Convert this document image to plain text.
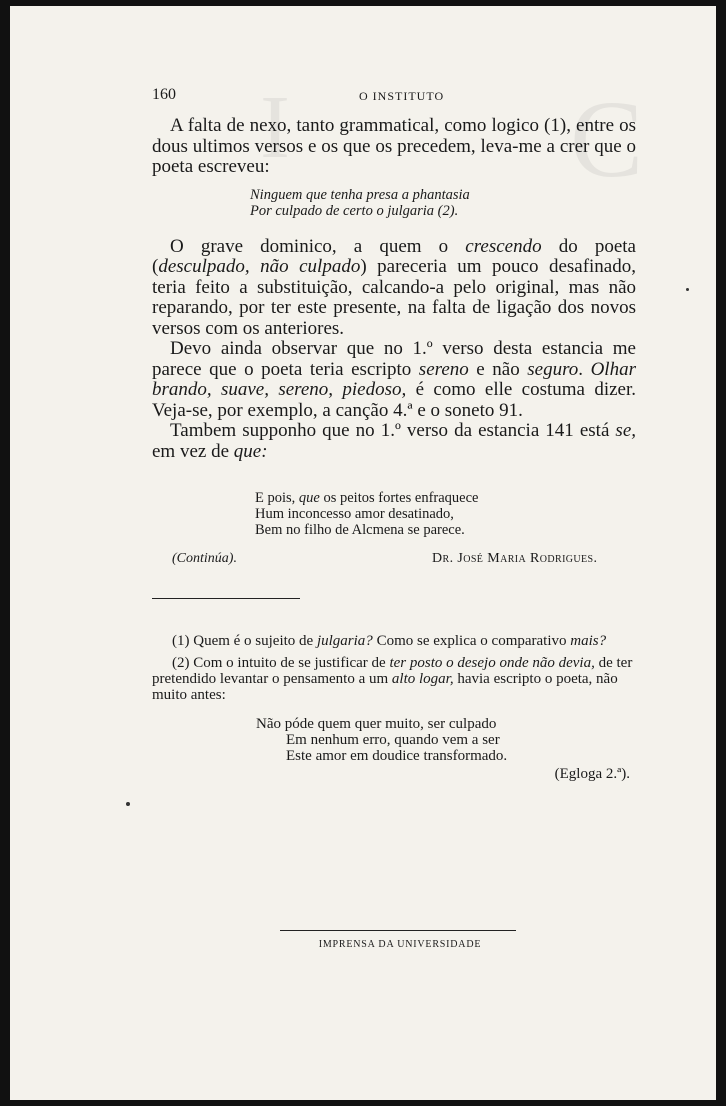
C
I
160	O INSTITUTO

A falta de nexo, tanto grammatical, como logico (1), entre os dous ultimos versos e os que os precedem, leva-me a crer que o poeta escreveu:

Ninguem que tenha presa a phantasia

Por culpado de certo o julgaria (2).

O grave dominico, a quem o crescendo do poeta (desculpado, não culpado) pareceria um pouco desafinado, teria feito a substituição, calcando-a pelo original, mas não reparando, por ter este presente, na falta de ligação dos novos versos com os anteriores.

Devo ainda observar que no 1.º verso desta estancia me parece que o poeta teria escripto sereno e não seguro. Olhar brando, suave, sereno, piedoso, é como elle costuma dizer. Veja-se, por exemplo, a canção 4.ª e o soneto 91.

Tambem supponho que no 1.º verso da estancia 141 está se, em vez de que:

E pois, que os peitos fortes enfraquece

Hum inconcesso amor desatinado,

Bem no filho de Alcmena se parece.

(Continúa).	Dr. José Maria Rodrigues.

(1) Quem é o sujeito de julgaria? Como se explica o comparativo mais?

(2) Com o intuito de se justificar de ter posto o desejo onde não devia, de ter pretendido levantar o pensamento a um alto logar, havia escripto o poeta, não muito antes:

Não póde quem quer muito, ser culpado

Em nenhum erro, quando vem a ser

Este amor em doudice transformado.

(Egloga 2.ª).

IMPRENSA DA UNIVERSIDADE
